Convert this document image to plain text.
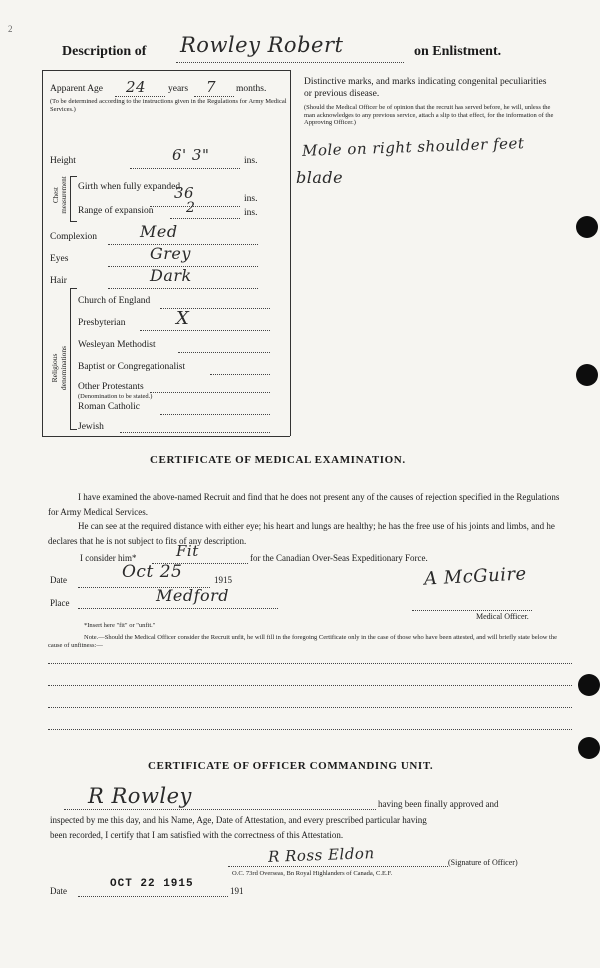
2
Description of Rowley Robert	on Enlistment.
Apparent Age 24 years 7 months.
(To be determined according to the instructions given in the Regulations for Army Medical Services.)
Height	6' 3"	ins.
Chest measurement Girth when fully expanded
36	ins.
Range of expansion 2	ins.
Complexion	Med
Eyes	Grey
Hair	Dark
Religious denominations
Church of England
Presbyterian	X
Wesleyan Methodist
Baptist or Congregationalist
Other Protestants
(Denomination to be stated.)
Roman Catholic
Jewish
Distinctive marks, and marks indicating congenital peculiarities or previous disease.
(Should the Medical Officer be of opinion that the recruit has served before, he will, unless the man acknowledges to any previous service, attach a slip to that effect, for the information of the Approving Officer.)
Mole on right shoulder feet
blade
CERTIFICATE OF MEDICAL EXAMINATION.
I have examined the above-named Recruit and find that he does not present any of the causes of rejection specified in the Regulations for Army Medical Services.
He can see at the required distance with either eye; his heart and lungs are healthy; he has the free use of his joints and limbs, and he declares that he is not subject to fits of any description.
I consider him*	Fit	for the Canadian Over-Seas Expeditionary Force.
Date	Oct 25	1915
Place	Medford
A McGuire
Medical Officer.
*Insert here "fit" or "unfit."
Note.—Should the Medical Officer consider the Recruit unfit, he will fill in the foregoing Certificate only in the case of those who have been attested, and will briefly state below the cause of unfitness:—
CERTIFICATE OF OFFICER COMMANDING UNIT.
R Rowley	having been finally approved and
inspected by me this day, and his Name, Age, Date of Attestation, and every prescribed particular having
been recorded, I certify that I am satisfied with the correctness of this Attestation.
R Ross Eldon	(Signature of Officer)
O.C. 73rd Overseas, Bn Royal Highlanders of Canada, C.E.F.
Date
OCT 22 1915
191
